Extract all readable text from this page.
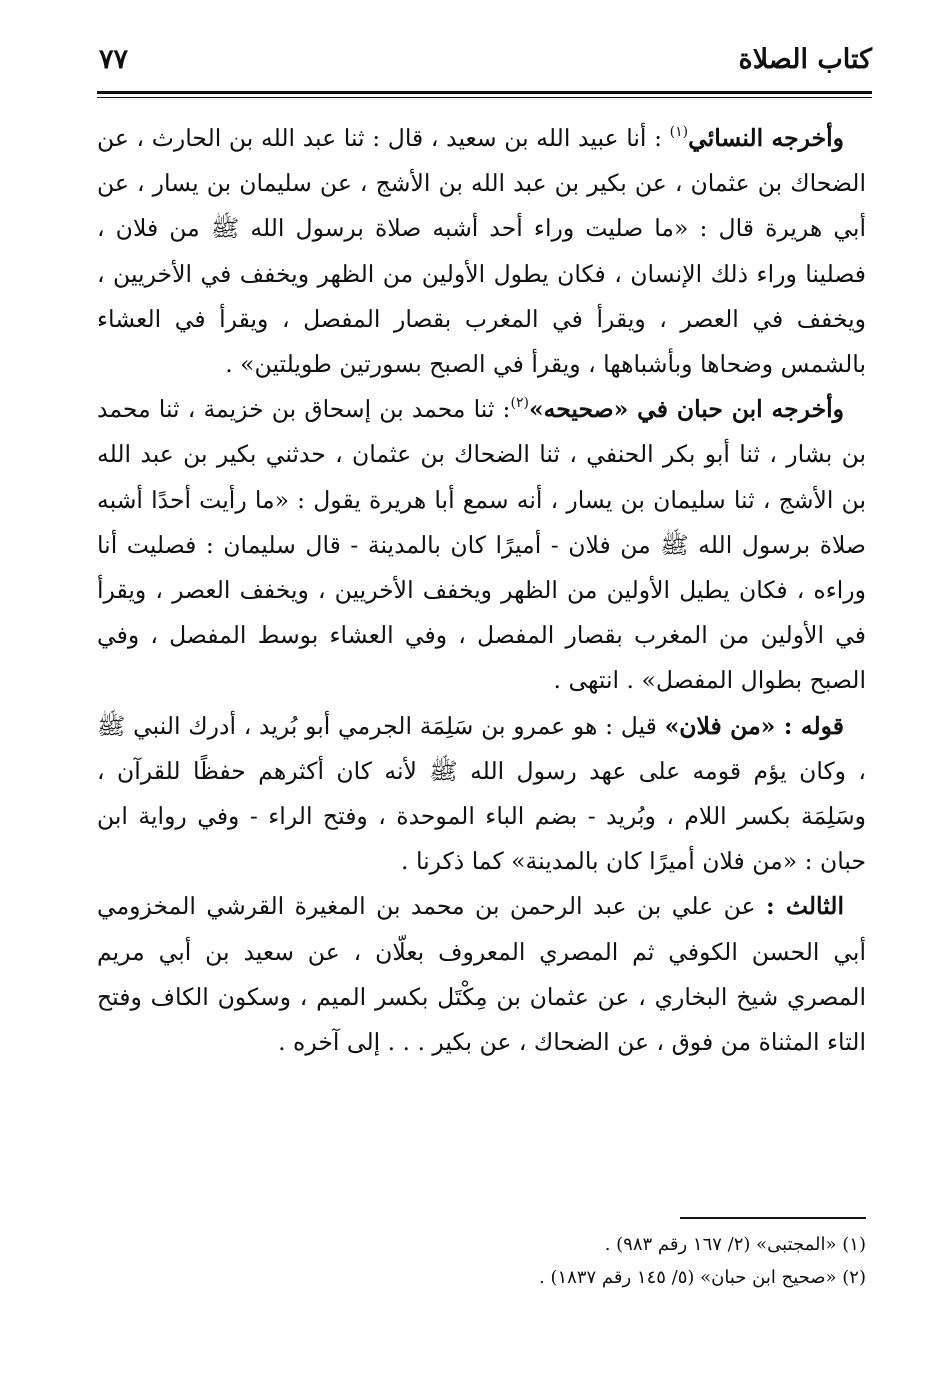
كتاب الصلاة
٧٧

وأخرجه النسائي$^{(١)}$ : أنا عبيد الله بن سعيد ، قال : ثنا عبد الله بن الحارث ، عن الضحاك بن عثمان ، عن بكير بن عبد الله بن الأشج ، عن سليمان بن يسار ، عن أبي هريرة قال : «ما صليت وراء أحد أشبه صلاة برسول الله ﷺ من فلان ، فصلينا وراء ذلك الإنسان ، فكان يطول الأولين من الظهر ويخفف في الأخريين ، ويخفف في العصر ، ويقرأ في المغرب بقصار المفصل ، ويقرأ في العشاء بالشمس وضحاها وبأشباهها ، ويقرأ في الصبح بسورتين طويلتين» .

وأخرجه ابن حبان في «صحيحه»$^{(٢)}$: ثنا محمد بن إسحاق بن خزيمة ، ثنا محمد بن بشار ، ثنا أبو بكر الحنفي ، ثنا الضحاك بن عثمان ، حدثني بكير بن عبد الله بن الأشج ، ثنا سليمان بن يسار ، أنه سمع أبا هريرة يقول : «ما رأيت أحدًا أشبه صلاة برسول الله ﷺ من فلان - أميرًا كان بالمدينة - قال سليمان : فصليت أنا وراءه ، فكان يطيل الأولين من الظهر ويخفف الأخريين ، ويخفف العصر ، ويقرأ في الأولين من المغرب بقصار المفصل ، وفي العشاء بوسط المفصل ، وفي الصبح بطوال المفصل» . انتهى .

قوله : «من فلان» قيل : هو عمرو بن سَلِمَة الجرمي أبو بُريد ، أدرك النبي ﷺ ، وكان يؤم قومه على عهد رسول الله ﷺ لأنه كان أكثرهم حفظًا للقرآن ، وسَلِمَة بكسر اللام ، وبُريد - بضم الباء الموحدة ، وفتح الراء - وفي رواية ابن حبان : «من فلان أميرًا كان بالمدينة» كما ذكرنا .

الثالث : عن علي بن عبد الرحمن بن محمد بن المغيرة القرشي المخزومي أبي الحسن الكوفي ثم المصري المعروف بعلّان ، عن سعيد بن أبي مريم المصري شيخ البخاري ، عن عثمان بن مِكْتَل بكسر الميم ، وسكون الكاف وفتح التاء المثناة من فوق ، عن الضحاك ، عن بكير . . . إلى آخره .

(١) «المجتبى» (٢/ ١٦٧ رقم ٩٨٣) .

(٢) «صحيح ابن حبان» (٥/ ١٤٥ رقم ١٨٣٧) .
